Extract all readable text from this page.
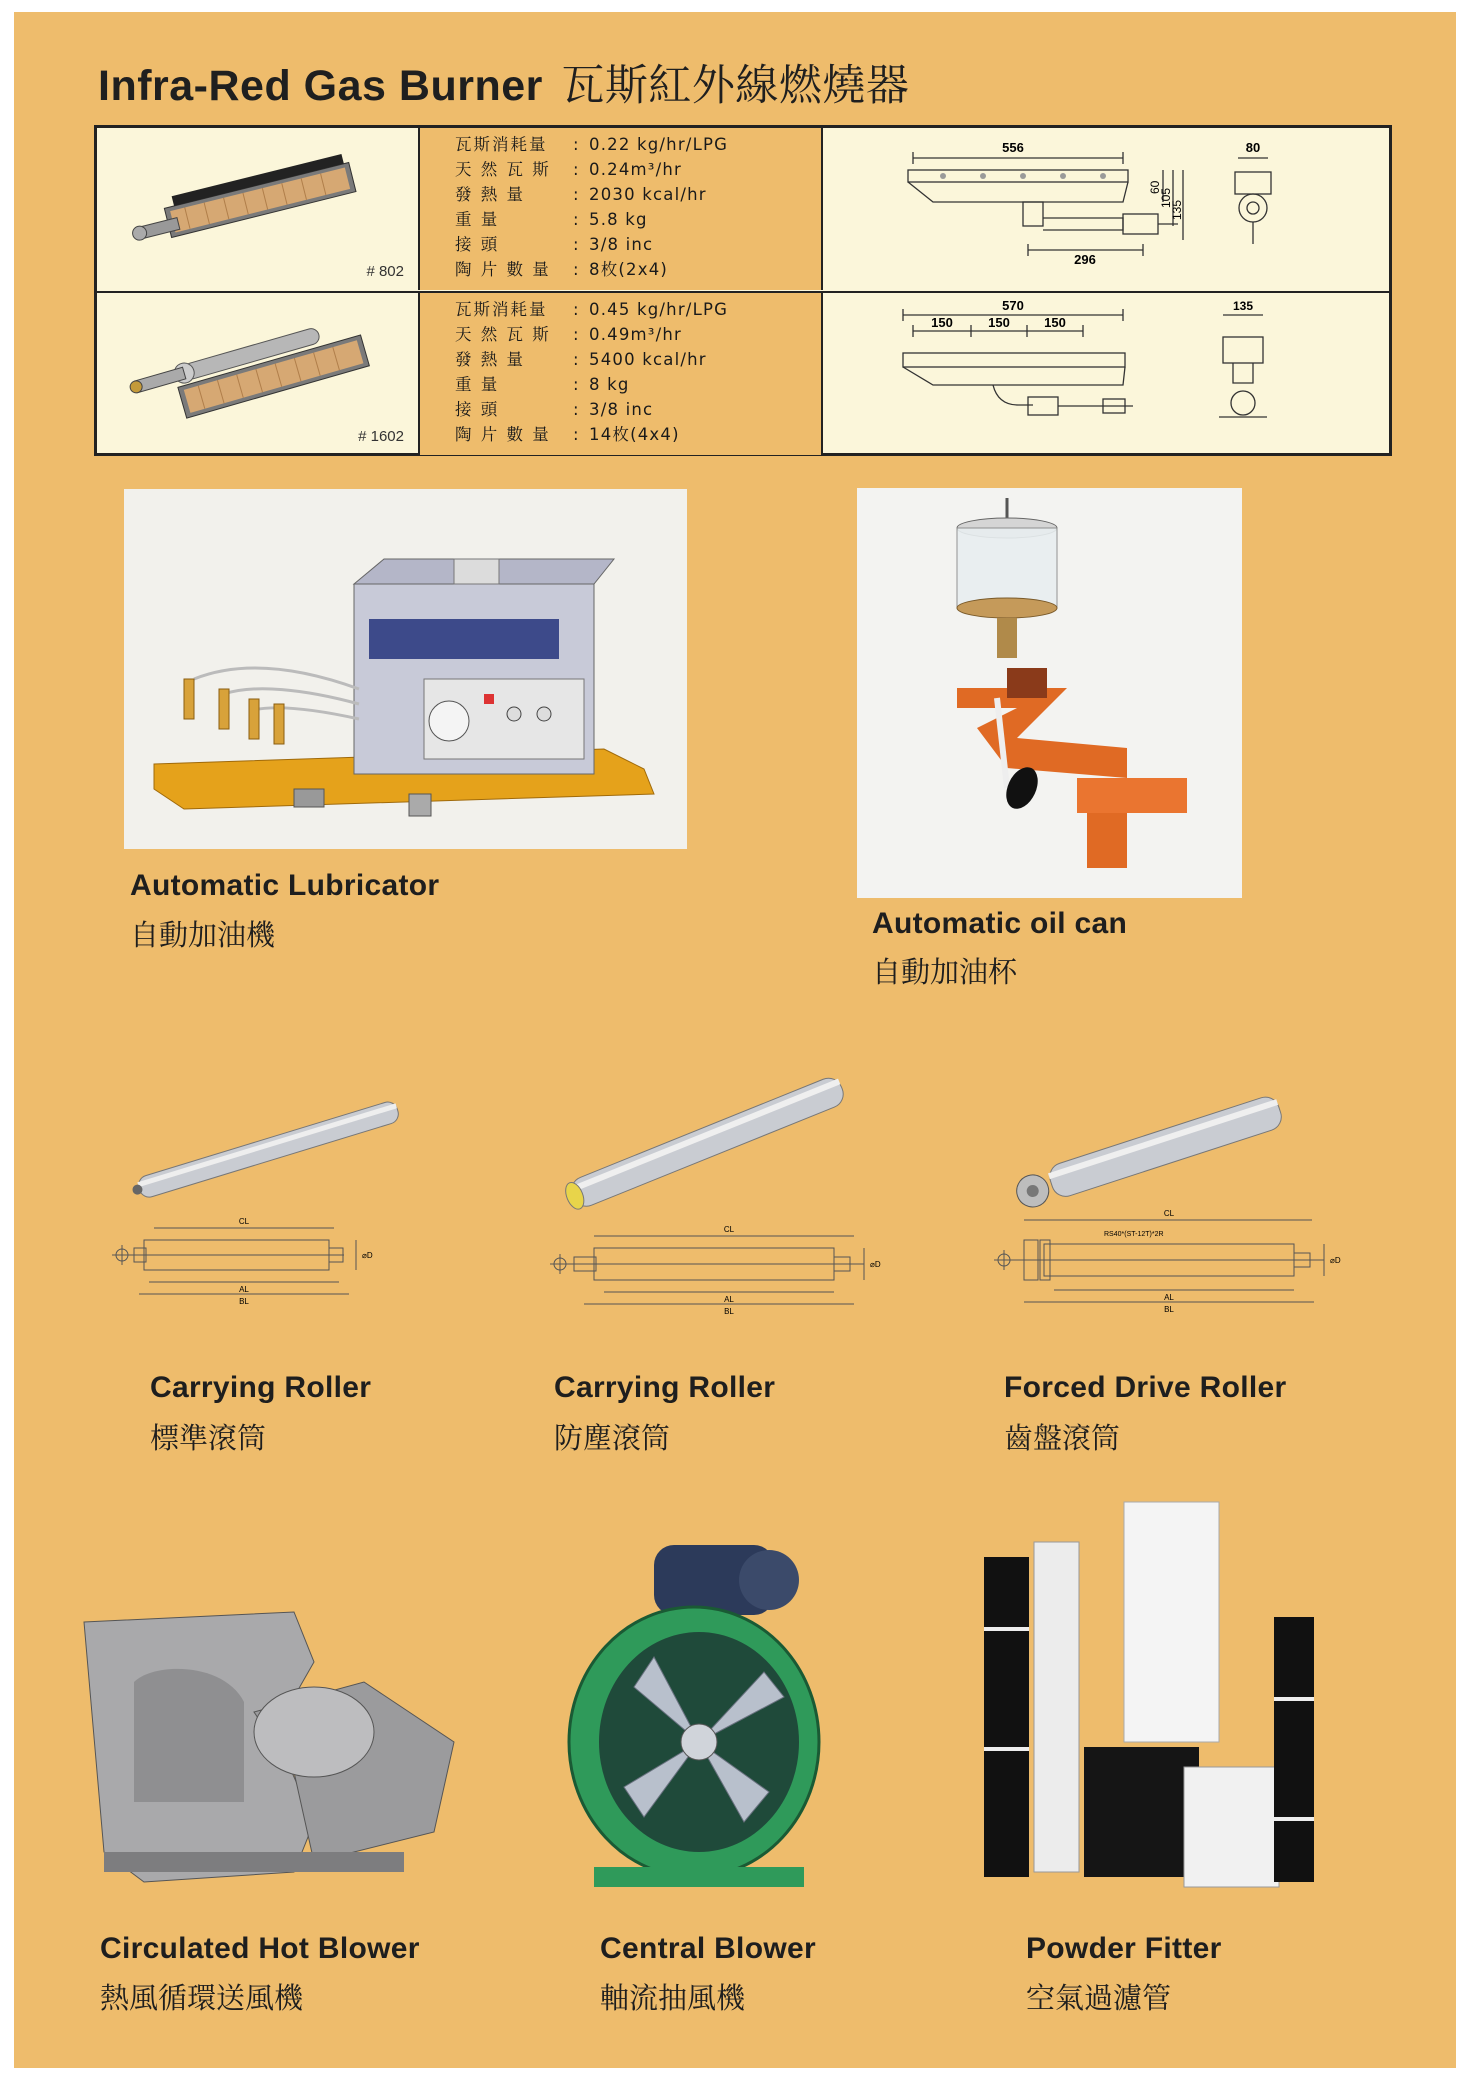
Infra-Red Gas Burner 瓦斯紅外線燃燒器
# 802
瓦斯消耗量 : 0.22 kg/hr/LPG
天 然 瓦 斯 : 0.24m³/hr
發 熱 量	: 2030 kcal/hr
重 量	: 5.8 kg
接 頭	: 3/8 inc
陶 片 數 量 : 8枚(2x4)
556	80
296
60
105
135
# 1602
瓦斯消耗量 : 0.45 kg/hr/LPG
天 然 瓦 斯 : 0.49m³/hr
發 熱 量	: 5400 kcal/hr
重 量	: 8 kg
接 頭	: 3/8 inc
陶 片 數 量 : 14枚(4x4)
570	135
150	150	150
Automatic Lubricator
自動加油機	Automatic oil can
自動加油杯
CL
AL
BL
⌀D
Carrying Roller
標準滾筒
CL
AL
BL
⌀D
Carrying Roller
防塵滾筒
CL
RS40*(ST-12T)*2R
AL
BL
⌀D
Forced Drive Roller
齒盤滾筒
Circulated Hot Blower
熱風循環送風機
Central Blower
軸流抽風機
Powder Fitter
空氣過濾管
